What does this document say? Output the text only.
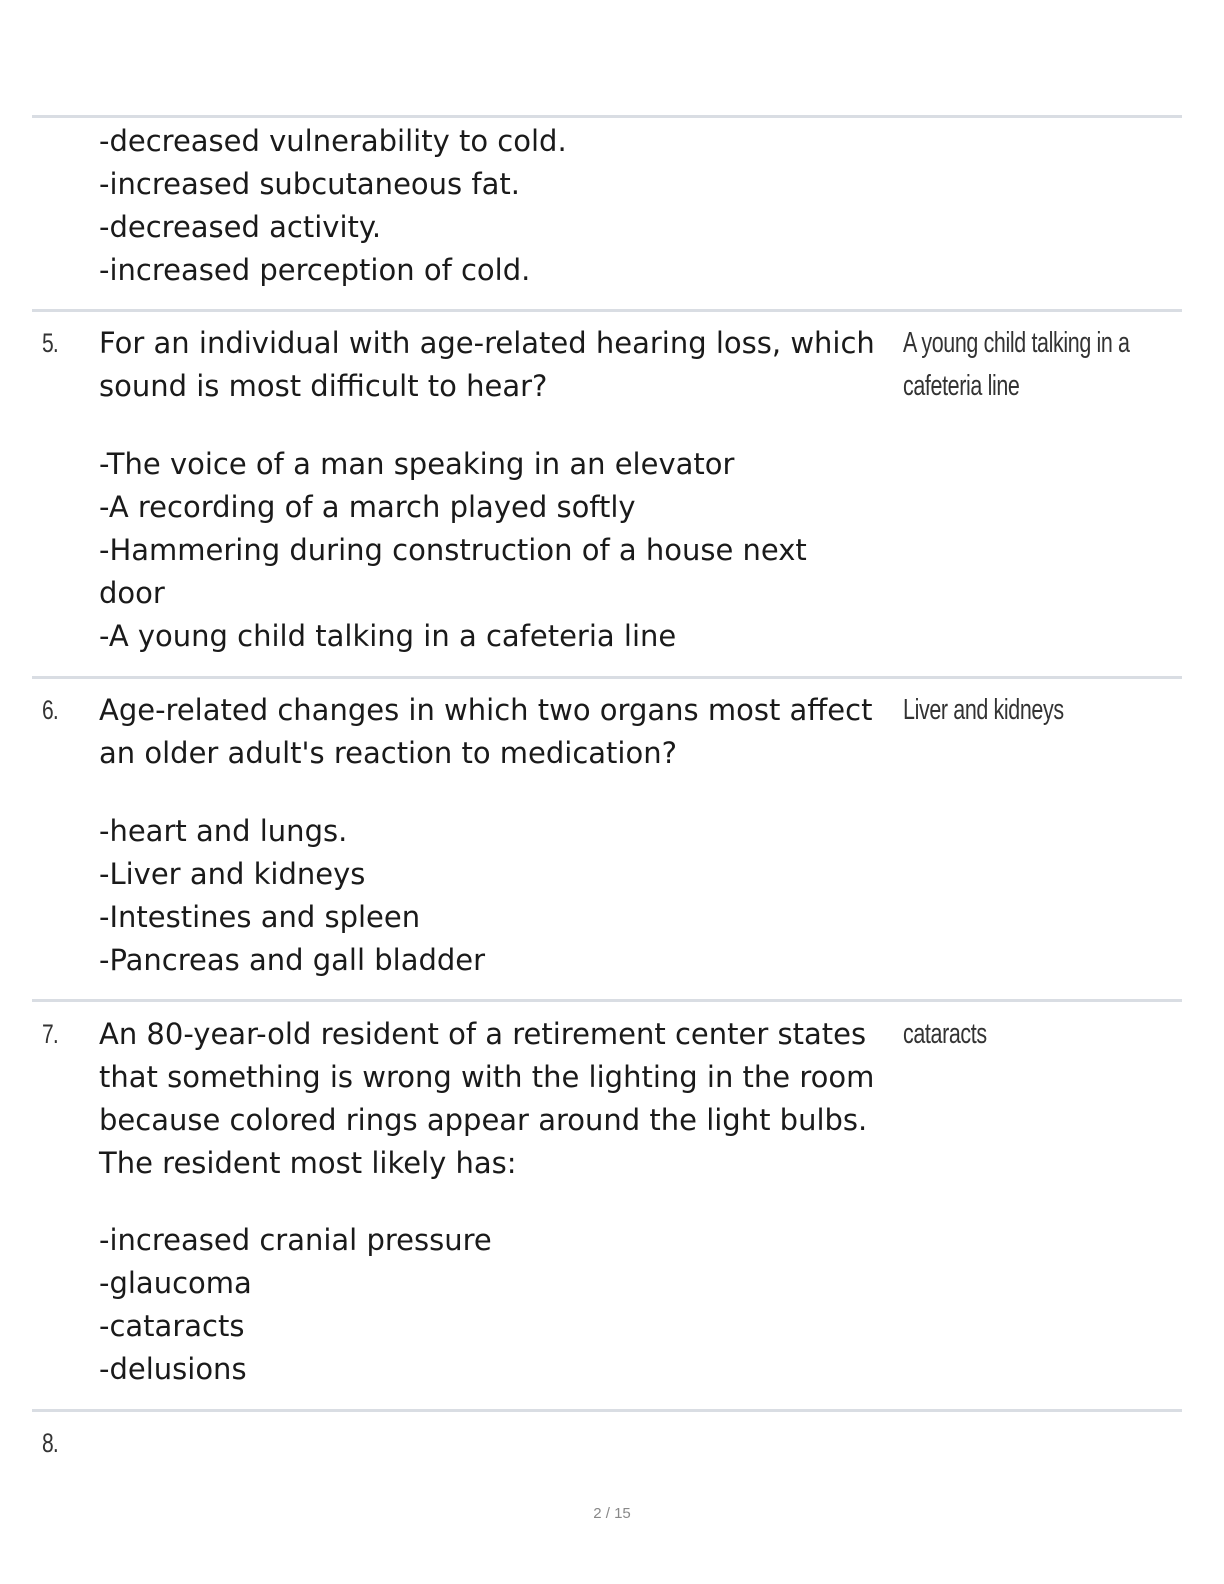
-decreased vulnerability to cold.
-increased subcutaneous fat.
-decreased activity.
-increased perception of cold.
5. For an individual with age-related hearing loss, which sound is most difficult to hear?
A young child talking in a cafeteria line
-The voice of a man speaking in an elevator
-A recording of a march played softly
-Hammering during construction of a house next door
-A young child talking in a cafeteria line
6. Age-related changes in which two organs most affect an older adult's reaction to medication?
Liver and kidneys
-heart and lungs.
-Liver and kidneys
-Intestines and spleen
-Pancreas and gall bladder
7. An 80-year-old resident of a retirement center states that something is wrong with the lighting in the room because colored rings appear around the light bulbs. The resident most likely has:
cataracts
-increased cranial pressure
-glaucoma
-cataracts
-delusions
8.
2 / 15
